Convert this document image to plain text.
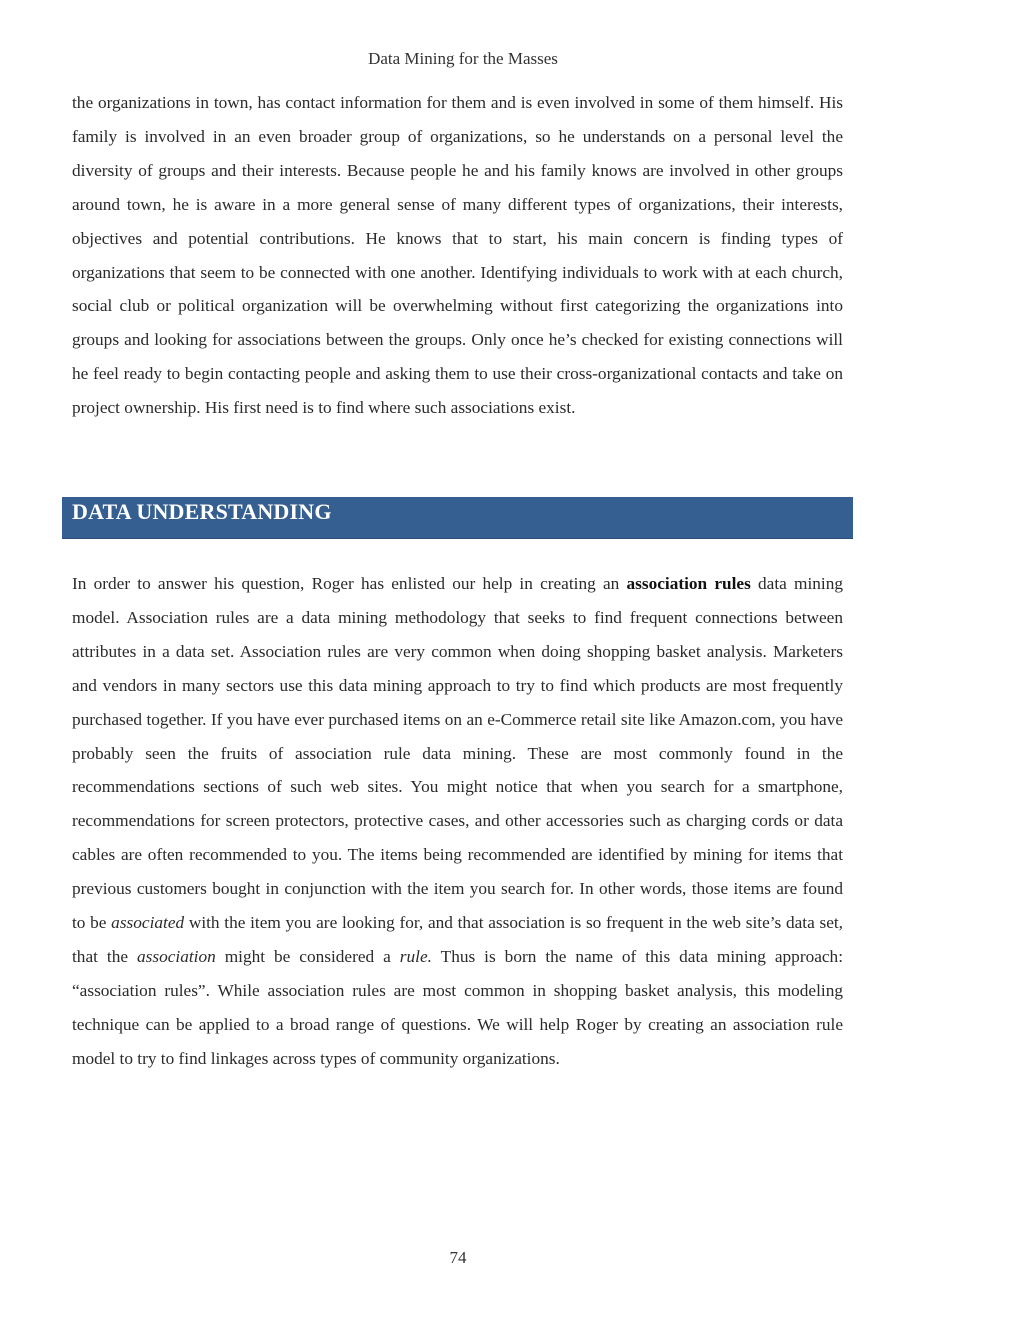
Data Mining for the Masses

the organizations in town, has contact information for them and is even involved in some of them himself. His family is involved in an even broader group of organizations, so he understands on a personal level the diversity of groups and their interests. Because people he and his family knows are involved in other groups around town, he is aware in a more general sense of many different types of organizations, their interests, objectives and potential contributions. He knows that to start, his main concern is finding types of organizations that seem to be connected with one another. Identifying individuals to work with at each church, social club or political organization will be overwhelming without first categorizing the organizations into groups and looking for associations between the groups. Only once he’s checked for existing connections will he feel ready to begin contacting people and asking them to use their cross-organizational contacts and take on project ownership. His first need is to find where such associations exist.

DATA UNDERSTANDING

In order to answer his question, Roger has enlisted our help in creating an association rules data mining model. Association rules are a data mining methodology that seeks to find frequent connections between attributes in a data set. Association rules are very common when doing shopping basket analysis. Marketers and vendors in many sectors use this data mining approach to try to find which products are most frequently purchased together. If you have ever purchased items on an e-Commerce retail site like Amazon.com, you have probably seen the fruits of association rule data mining. These are most commonly found in the recommendations sections of such web sites. You might notice that when you search for a smartphone, recommendations for screen protectors, protective cases, and other accessories such as charging cords or data cables are often recommended to you. The items being recommended are identified by mining for items that previous customers bought in conjunction with the item you search for. In other words, those items are found to be associated with the item you are looking for, and that association is so frequent in the web site’s data set, that the association might be considered a rule. Thus is born the name of this data mining approach: “association rules”. While association rules are most common in shopping basket analysis, this modeling technique can be applied to a broad range of questions. We will help Roger by creating an association rule model to try to find linkages across types of community organizations.

74
